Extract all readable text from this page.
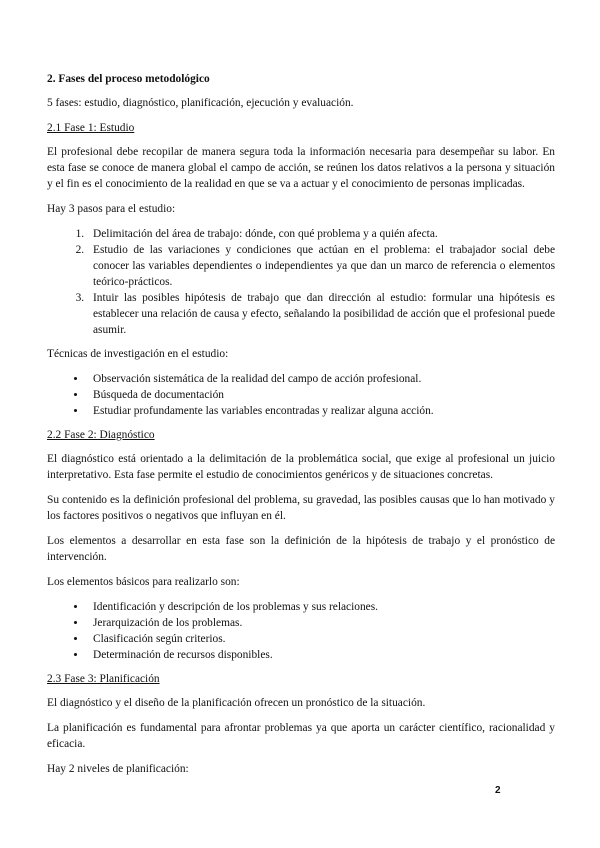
2. Fases del proceso metodológico

5 fases: estudio, diagnóstico, planificación, ejecución y evaluación.

2.1 Fase 1: Estudio

El profesional debe recopilar de manera segura toda la información necesaria para desempeñar su labor. En esta fase se conoce de manera global el campo de acción, se reúnen los datos relativos a la persona y situación y el fin es el conocimiento de la realidad en que se va a actuar y el conocimiento de personas implicadas.

Hay 3 pasos para el estudio:

1. Delimitación del área de trabajo: dónde, con qué problema y a quién afecta.
2. Estudio de las variaciones y condiciones que actúan en el problema: el trabajador social debe conocer las variables dependientes o independientes ya que dan un marco de referencia o elementos teórico-prácticos.
3. Intuir las posibles hipótesis de trabajo que dan dirección al estudio: formular una hipótesis es establecer una relación de causa y efecto, señalando la posibilidad de acción que el profesional puede asumir.

Técnicas de investigación en el estudio:

• Observación sistemática de la realidad del campo de acción profesional.
• Búsqueda de documentación
• Estudiar profundamente las variables encontradas y realizar alguna acción.

2.2 Fase 2: Diagnóstico

El diagnóstico está orientado a la delimitación de la problemática social, que exige al profesional un juicio interpretativo. Esta fase permite el estudio de conocimientos genéricos y de situaciones concretas.

Su contenido es la definición profesional del problema, su gravedad, las posibles causas que lo han motivado y los factores positivos o negativos que influyan en él.

Los elementos a desarrollar en esta fase son la definición de la hipótesis de trabajo y el pronóstico de intervención.

Los elementos básicos para realizarlo son:

• Identificación y descripción de los problemas y sus relaciones.
• Jerarquización de los problemas.
• Clasificación según criterios.
• Determinación de recursos disponibles.

2.3 Fase 3: Planificación

El diagnóstico y el diseño de la planificación ofrecen un pronóstico de la situación.

La planificación es fundamental para afrontar problemas ya que aporta un carácter científico, racionalidad y eficacia.

Hay 2 niveles de planificación:

2
